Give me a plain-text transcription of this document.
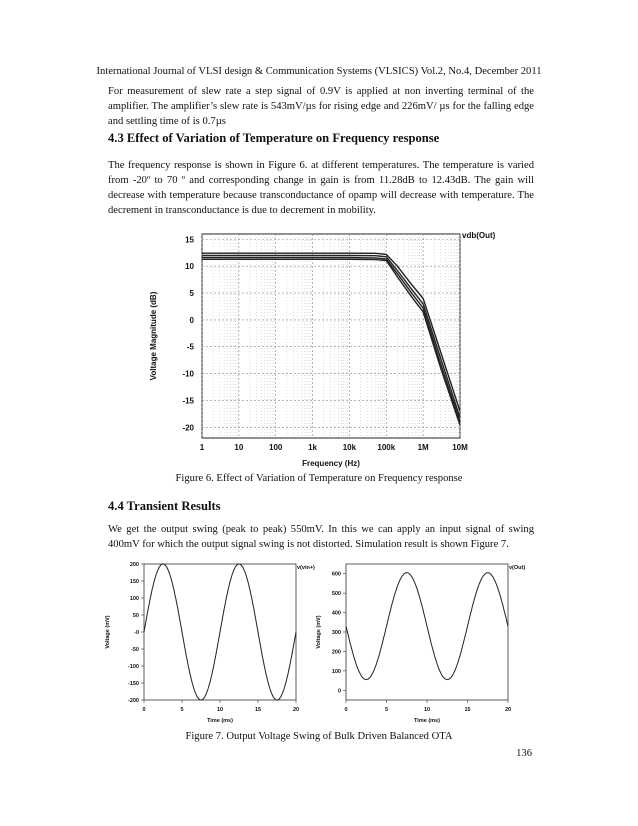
International Journal of VLSI design & Communication Systems (VLSICS) Vol.2, No.4, December 2011

For measurement of slew rate a step signal of 0.9V is applied at non inverting terminal of the amplifier. The amplifier’s slew rate is 543mV/µs for rising edge and 226mV/ µs for the falling edge and settling time of is 0.7µs

4.3 Effect of Variation of Temperature on Frequency response

The frequency response is shown in Figure 6. at different temperatures. The temperature is varied from -20º to 70 º and corresponding change in gain is from 11.28dB to 12.43dB. The gain will decrease with temperature because transconductance of opamp will decrease with temperature. The decrement in transconductance is due to decrement in mobility.

1	10	100	1k	10k	100k	1M	10M
15
10
5
0
-5
-10
-15
-20
vdb(Out)
Frequency (Hz)
Voltage Magnitude (dB)
Figure 6. Effect of Variation of Temperature on Frequency response
4.4 Transient Results

We get the output swing (peak to peak) 550mV. In this we can apply an input signal of swing 400mV for which the output signal swing is not distorted. Simulation result is shown Figure 7.

0	5	10	15	20
200
150
100
50
-0
-50
-100
-150
-200
v(vin+)
Time (ms)
Voltage (mV)
0	5	10	15	20
600
500
400
300
200
100
0
v(Out)
Time (ms)
Voltage (mV)
Figure 7. Output Voltage Swing of Bulk Driven Balanced OTA
136
